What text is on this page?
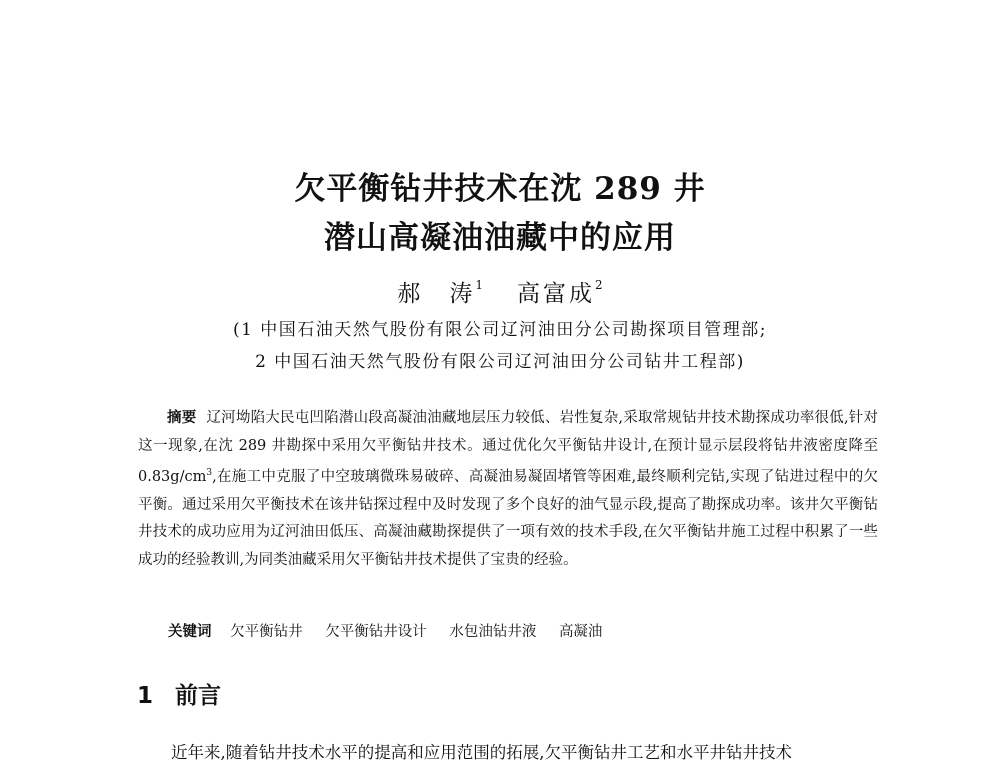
欠平衡钻井技术在沈 289 井
潜山高凝油油藏中的应用
郝　涛$^1$ 高富成$^2$
(1 中国石油天然气股份有限公司辽河油田分公司勘探项目管理部;
2 中国石油天然气股份有限公司辽河油田分公司钻井工程部)
摘要 辽河坳陷大民屯凹陷潜山段高凝油油藏地层压力较低、岩性复杂,采取常规钻井技术勘探成功率很低,针对这一现象,在沈 289 井勘探中采用欠平衡钻井技术。通过优化欠平衡钻井设计,在预计显示层段将钻井液密度降至 $0.83g/cm^3$,在施工中克服了中空玻璃微珠易破碎、高凝油易凝固堵管等困难,最终顺利完钻,实现了钻进过程中的欠平衡。通过采用欠平衡技术在该井钻探过程中及时发现了多个良好的油气显示段,提高了勘探成功率。该井欠平衡钻井技术的成功应用为辽河油田低压、高凝油藏勘探提供了一项有效的技术手段,在欠平衡钻井施工过程中积累了一些成功的经验教训,为同类油藏采用欠平衡钻井技术提供了宝贵的经验。
关键词 欠平衡钻井 欠平衡钻井设计 水包油钻井液 高凝油
1 前言
近年来,随着钻井技术水平的提高和应用范围的拓展,欠平衡钻井工艺和水平井钻井技术
